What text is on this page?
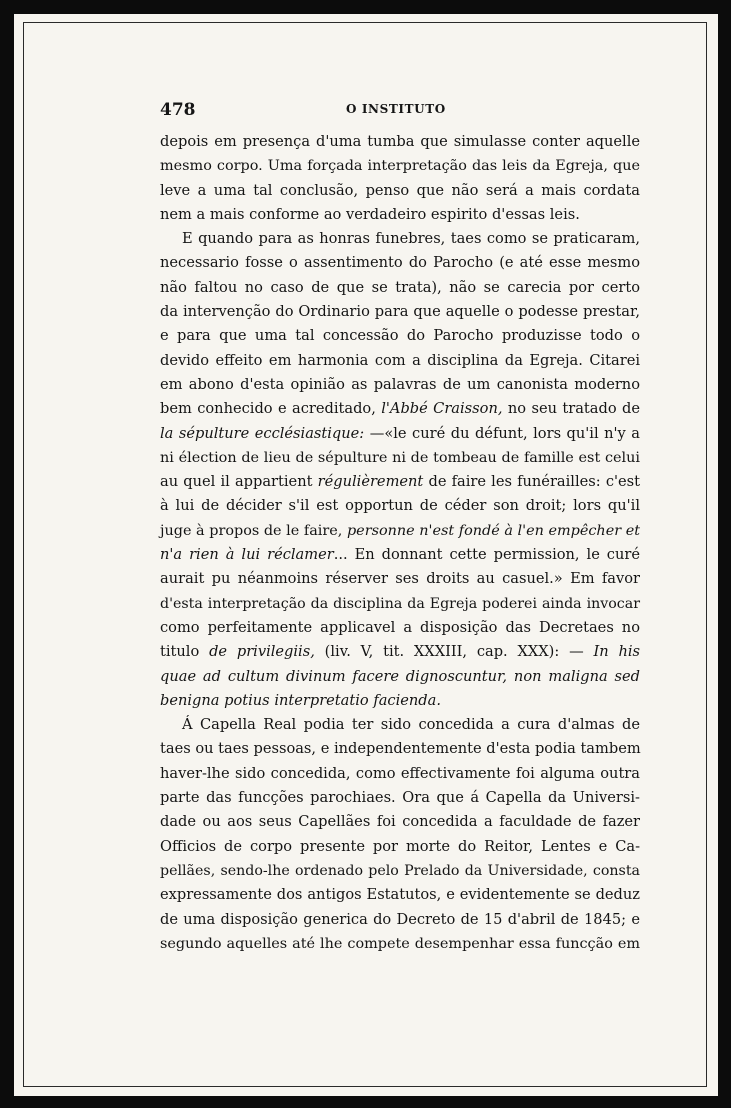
478	O INSTITUTO
depois em presença d'uma tumba que simulasse conter aquelle
mesmo corpo. Uma forçada interpretação das leis da Egreja, que
leve a uma tal conclusão, penso que não será a mais cordata
nem a mais conforme ao verdadeiro espirito d'essas leis.
E quando para as honras funebres, taes como se praticaram,
necessario fosse o assentimento do Parocho (e até esse mesmo
não faltou no caso de que se trata), não se carecia por certo
da intervenção do Ordinario para que aquelle o podesse prestar,
e para que uma tal concessão do Parocho produzisse todo o
devido effeito em harmonia com a disciplina da Egreja. Citarei
em abono d'esta opinião as palavras de um canonista moderno
bem conhecido e acreditado, l'Abbé Craisson, no seu tratado de
la sépulture ecclésiastique: —«le curé du défunt, lors qu'il n'y a
ni élection de lieu de sépulture ni de tombeau de famille est celui
au quel il appartient régulièrement de faire les funérailles: c'est
à lui de décider s'il est opportun de céder son droit; lors qu'il
juge à propos de le faire, personne n'est fondé à l'en empêcher et
n'a rien à lui réclamer... En donnant cette permission, le curé
aurait pu néanmoins réserver ses droits au casuel.» Em favor
d'esta interpretação da disciplina da Egreja poderei ainda invocar
como perfeitamente applicavel a disposição das Decretaes no
titulo de privilegiis, (liv. V, tit. XXXIII, cap. XXX): — In his
quae ad cultum divinum facere dignoscuntur, non maligna sed
benigna potius interpretatio facienda.
Á Capella Real podia ter sido concedida a cura d'almas de
taes ou taes pessoas, e independentemente d'esta podia tambem
haver-lhe sido concedida, como effectivamente foi alguma outra
parte das funcções parochiaes. Ora que á Capella da Universi-
dade ou aos seus Capellães foi concedida a faculdade de fazer
Officios de corpo presente por morte do Reitor, Lentes e Ca-
pellães, sendo-lhe ordenado pelo Prelado da Universidade, consta
expressamente dos antigos Estatutos, e evidentemente se deduz
de uma disposição generica do Decreto de 15 d'abril de 1845; e
segundo aquelles até lhe compete desempenhar essa funcção em
